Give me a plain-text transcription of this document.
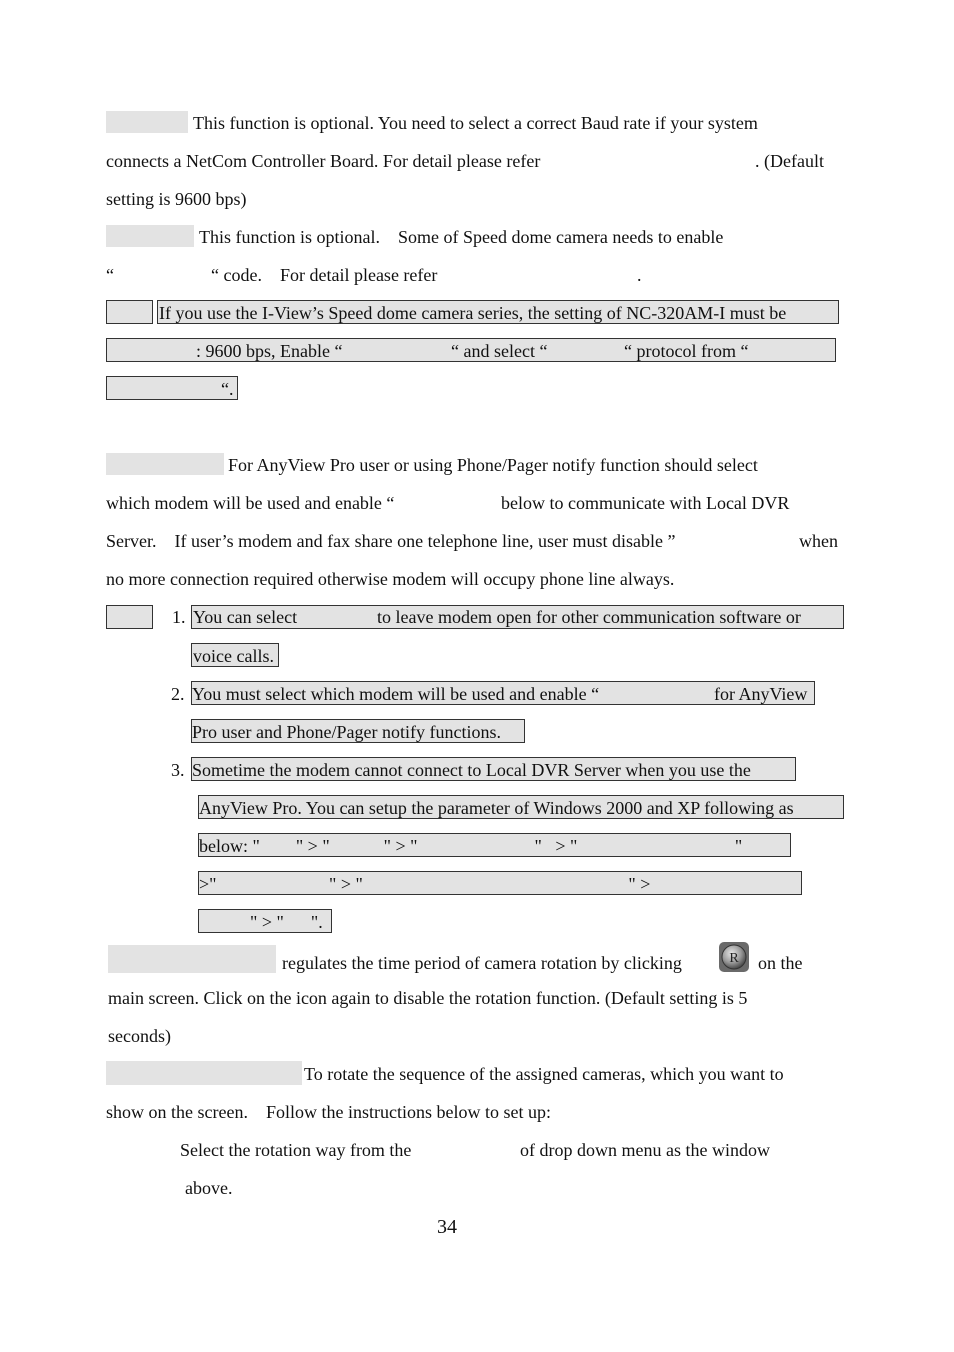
This function is optional. You need to select a correct Baud rate if your system
connects a NetCom Controller Board. For detail please refer	. (Default
setting is 9600 bps)
This function is optional.    Some of Speed dome camera needs to enable
“	“ code.    For detail please refer	.
If you use the I-View’s Speed dome camera series, the setting of NC-320AM-I must be
: 9600 bps, Enable “	“ and select “	“ protocol from “
“.
For AnyView Pro user or using Phone/Pager notify function should select
which modem will be used and enable “	below to communicate with Local DVR
Server.    If user’s modem and fax share one telephone line, user must disable ”	when
no more connection required otherwise modem will occupy phone line always.
1. You can select	to leave modem open for other communication software or
voice calls.
2. You must select which modem will be used and enable “	for AnyView
Pro user and Phone/Pager notify functions.
3. Sometime the modem cannot connect to Local DVR Server when you use the
AnyView Pro. You can setup the parameter of Windows 2000 and XP following as
below: "        " > "            " > "                          "   > "                                   "
>"                         " > "                                                           " >
" > "      ".
regulates the time period of camera rotation by clicking	R on the
main screen. Click on the icon again to disable the rotation function. (Default setting is 5
seconds)
To rotate the sequence of the assigned cameras, which you want to
show on the screen.    Follow the instructions below to set up:
Select the rotation way from the	of drop down menu as the window
above.
34
